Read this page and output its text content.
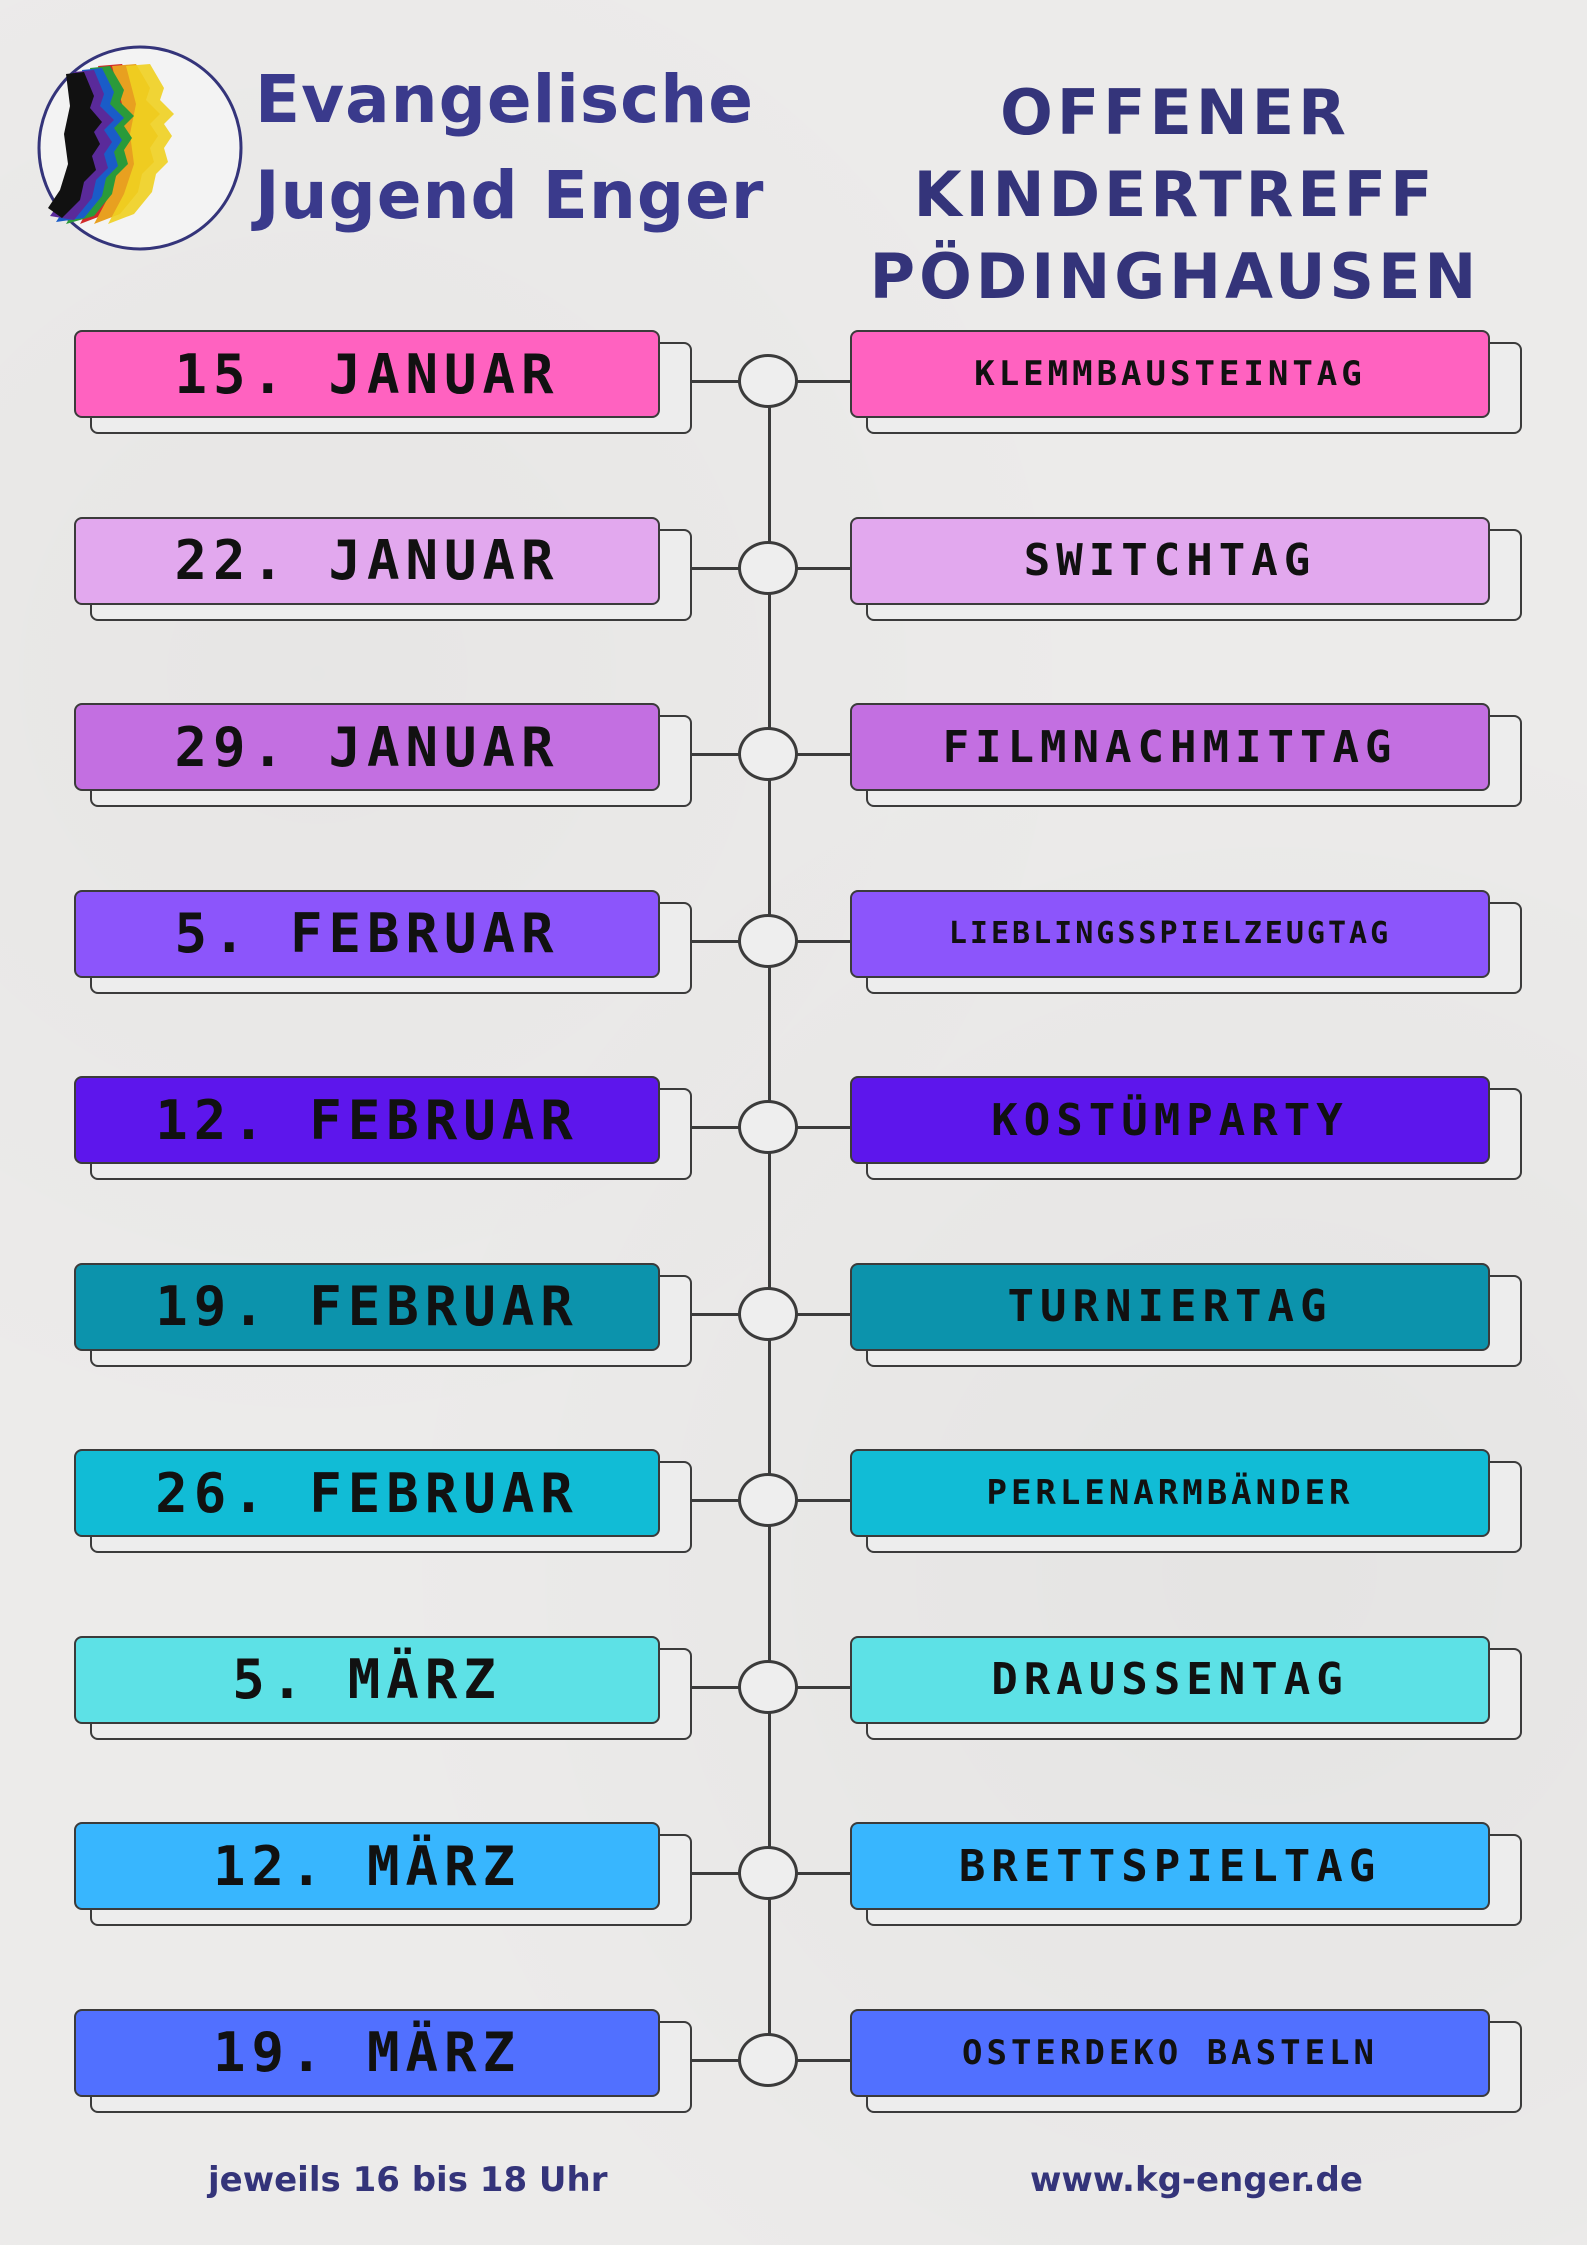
Evangelische
Jugend Enger
OFFENER KINDERTREFF
PÖDINGHAUSEN
15. JANUAR	KLEMMBAUSTEINTAG
22. JANUAR	SWITCHTAG
29. JANUAR	FILMNACHMITTAG
5. FEBRUAR	LIEBLINGSSPIELZEUGTAG
12. FEBRUAR	KOSTÜMPARTY
19. FEBRUAR	TURNIERTAG
26. FEBRUAR	PERLENARMBÄNDER
5. MÄRZ	DRAUSSENTAG
12. MÄRZ	BRETTSPIELTAG
19. MÄRZ	OSTERDEKO BASTELN
jeweils 16 bis 18 Uhr	www.kg-enger.de
